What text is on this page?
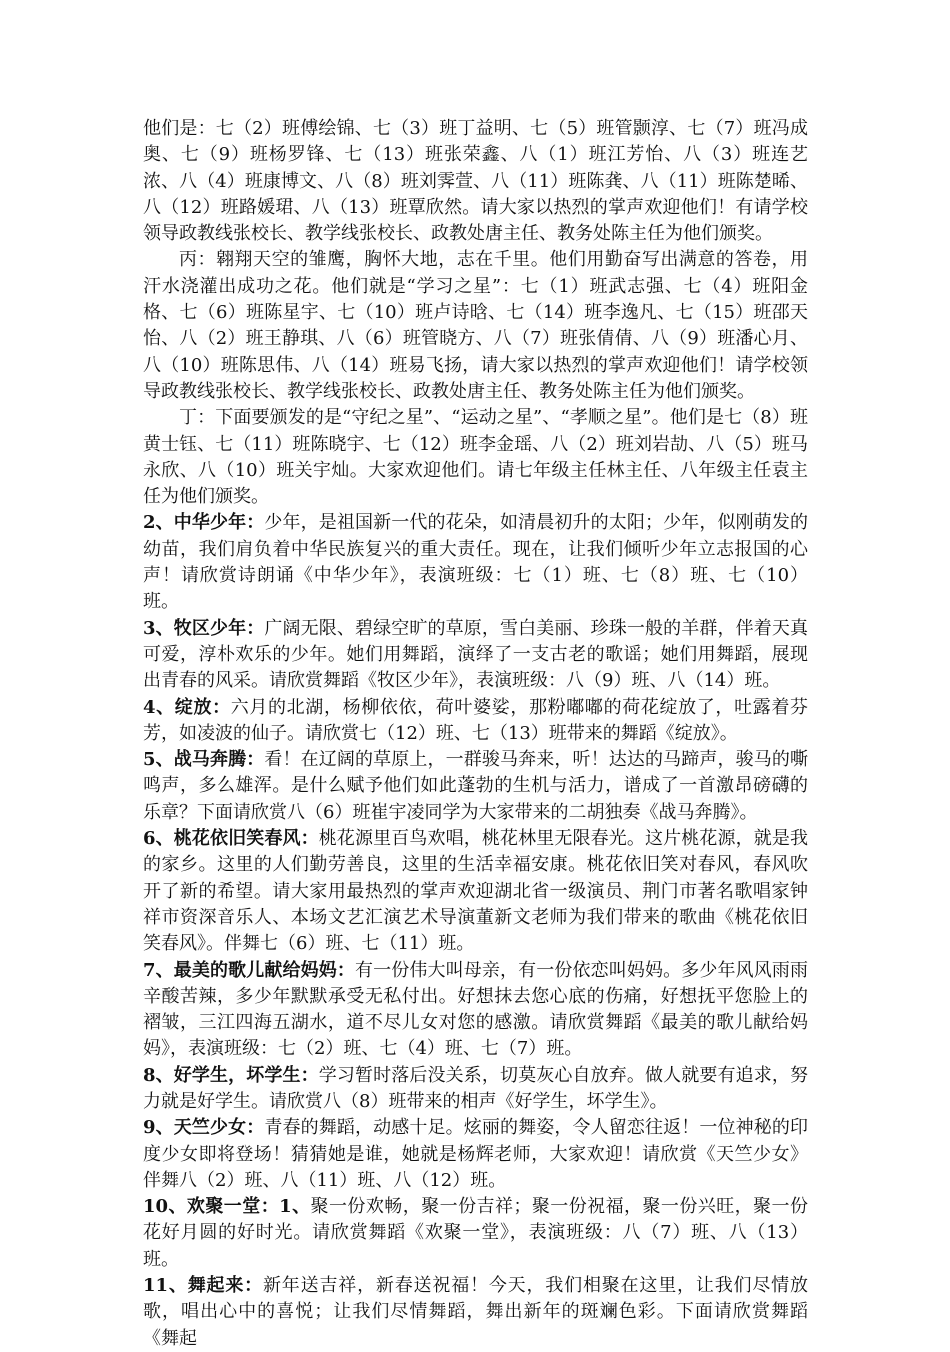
他们是：七（2）班傅绘锦、七（3）班丁益明、七（5）班管颢淳、七（7）班冯成奥、七（9）班杨罗锋、七（13）班张荣鑫、八（1）班江芳怡、八（3）班连艺浓、八（4）班康博文、八（8）班刘霁萱、八（11）班陈龚、八（11）班陈楚晞、八（12）班路媛珺、八（13）班覃欣然。请大家以热烈的掌声欢迎他们！有请学校领导政教线张校长、教学线张校长、政教处唐主任、教务处陈主任为他们颁奖。

丙：翱翔天空的雏鹰，胸怀大地，志在千里。他们用勤奋写出满意的答卷，用汗水浇灌出成功之花。他们就是“学习之星”：七（1）班武志强、七（4）班阳金格、七（6）班陈星宇、七（10）班卢诗晗、七（14）班李逸凡、七（15）班邵天怡、八（2）班王静琪、八（6）班管晓方、八（7）班张倩倩、八（9）班潘心月、八（10）班陈思伟、八（14）班易飞扬，请大家以热烈的掌声欢迎他们！请学校领导政教线张校长、教学线张校长、政教处唐主任、教务处陈主任为他们颁奖。

丁：下面要颁发的是“守纪之星”、“运动之星”、“孝顺之星”。他们是七（8）班黄士钰、七（11）班陈晓宇、七（12）班李金瑶、八（2）班刘岩劼、八（5）班马永欣、八（10）班关宇灿。大家欢迎他们。请七年级主任林主任、八年级主任袁主任为他们颁奖。

2、中华少年：少年，是祖国新一代的花朵，如清晨初升的太阳；少年，似刚萌发的幼苗，我们肩负着中华民族复兴的重大责任。现在，让我们倾听少年立志报国的心声！请欣赏诗朗诵《中华少年》，表演班级：七（1）班、七（8）班、七（10）班。

3、牧区少年：广阔无限、碧绿空旷的草原，雪白美丽、珍珠一般的羊群，伴着天真可爱，淳朴欢乐的少年。她们用舞蹈，演绎了一支古老的歌谣；她们用舞蹈，展现出青春的风采。请欣赏舞蹈《牧区少年》，表演班级：八（9）班、八（14）班。

4、绽放：六月的北湖，杨柳依依，荷叶婆娑，那粉嘟嘟的荷花绽放了，吐露着芬芳，如凌波的仙子。请欣赏七（12）班、七（13）班带来的舞蹈《绽放》。

5、战马奔腾：看！在辽阔的草原上，一群骏马奔来，听！达达的马蹄声，骏马的嘶鸣声，多么雄浑。是什么赋予他们如此蓬勃的生机与活力，谱成了一首激昂磅礴的乐章？下面请欣赏八（6）班崔宇凌同学为大家带来的二胡独奏《战马奔腾》。

6、桃花依旧笑春风：桃花源里百鸟欢唱，桃花林里无限春光。这片桃花源，就是我的家乡。这里的人们勤劳善良，这里的生活幸福安康。桃花依旧笑对春风，春风吹开了新的希望。请大家用最热烈的掌声欢迎湖北省一级演员、荆门市著名歌唱家钟祥市资深音乐人、本场文艺汇演艺术导演董新文老师为我们带来的歌曲《桃花依旧笑春风》。伴舞七（6）班、七（11）班。

7、最美的歌儿献给妈妈：有一份伟大叫母亲，有一份依恋叫妈妈。多少年风风雨雨辛酸苦辣，多少年默默承受无私付出。好想抹去您心底的伤痛，好想抚平您脸上的褶皱，三江四海五湖水，道不尽儿女对您的感激。请欣赏舞蹈《最美的歌儿献给妈妈》，表演班级：七（2）班、七（4）班、七（7）班。

8、好学生，坏学生：学习暂时落后没关系，切莫灰心自放弃。做人就要有追求，努力就是好学生。请欣赏八（8）班带来的相声《好学生，坏学生》。

9、天竺少女：青春的舞蹈，动感十足。炫丽的舞姿，令人留恋往返！一位神秘的印度少女即将登场！猜猜她是谁，她就是杨辉老师，大家欢迎！请欣赏《天竺少女》伴舞八（2）班、八（11）班、八（12）班。

10、欢聚一堂：1、聚一份欢畅，聚一份吉祥；聚一份祝福，聚一份兴旺，聚一份花好月圆的好时光。请欣赏舞蹈《欢聚一堂》，表演班级：八（7）班、八（13）班。

11、舞起来：新年送吉祥，新春送祝福！今天，我们相聚在这里，让我们尽情放歌，唱出心中的喜悦；让我们尽情舞蹈，舞出新年的斑斓色彩。下面请欣赏舞蹈《舞起
